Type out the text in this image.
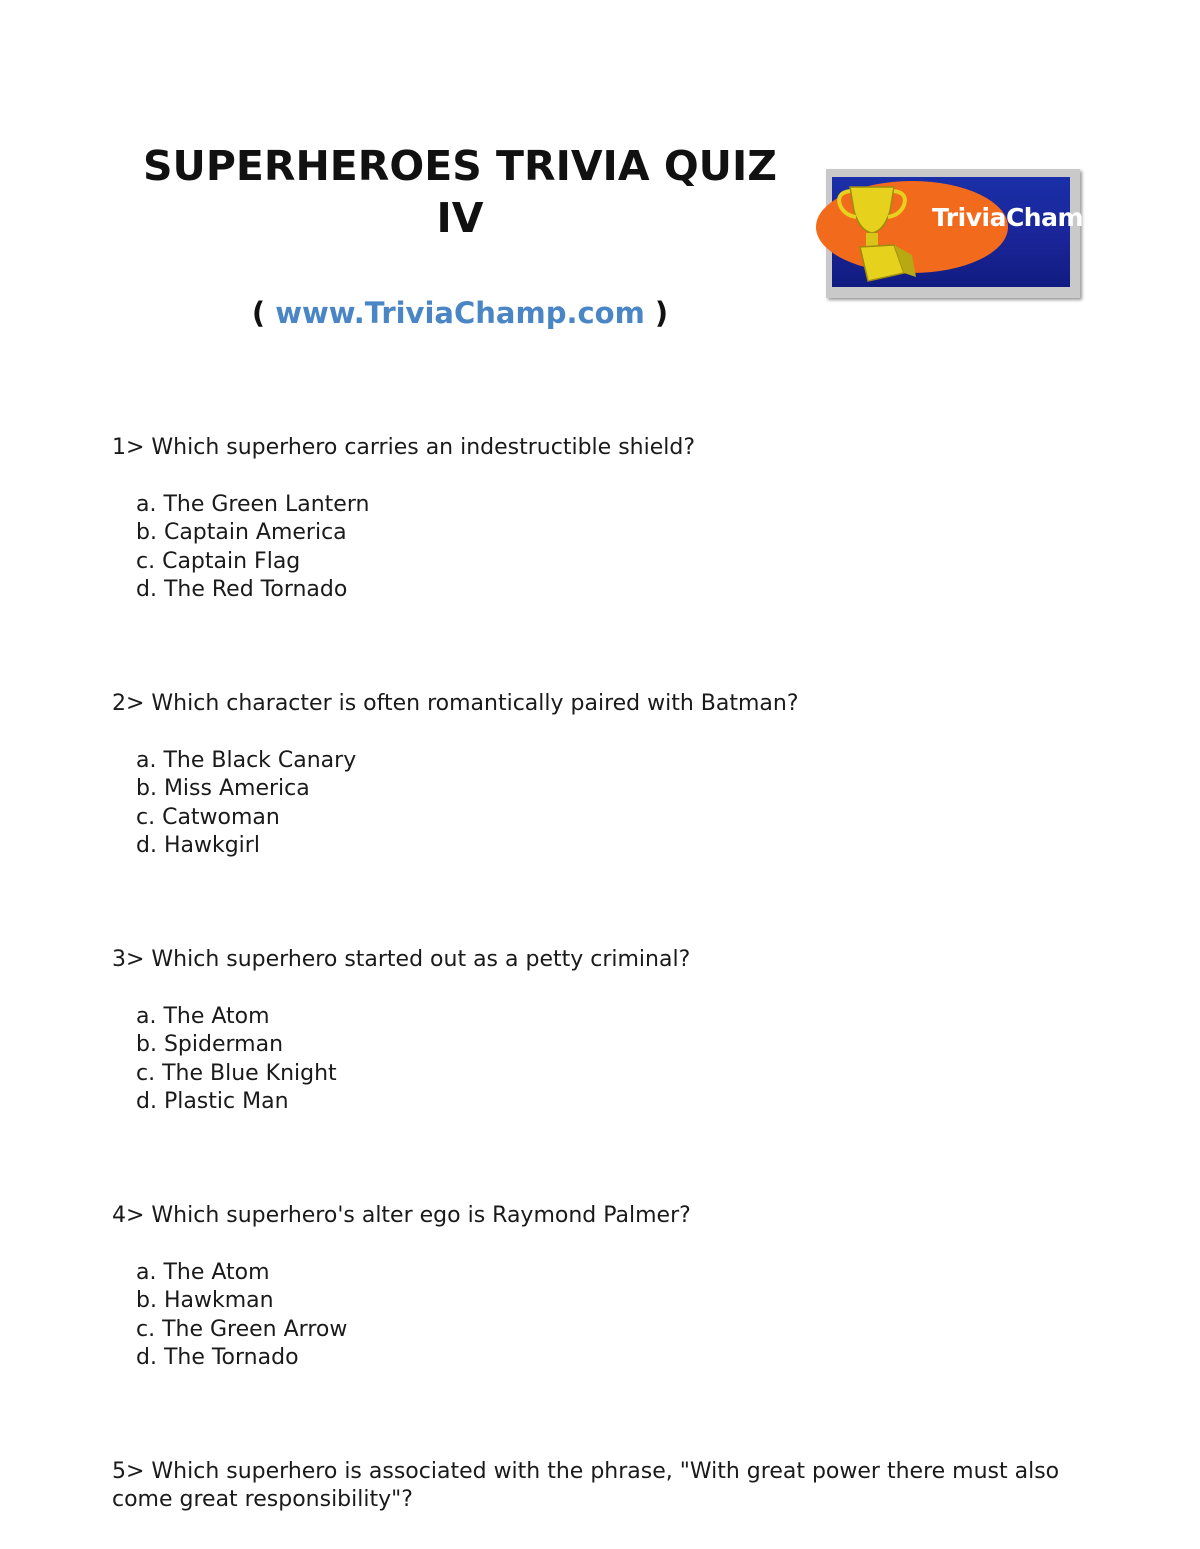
SUPERHEROES TRIVIA QUIZ
IV
( www.TriviaChamp.com )
TriviaChamp

1> Which superhero carries an indestructible shield?

a. The Green Lantern
b. Captain America
c. Captain Flag
d. The Red Tornado

2> Which character is often romantically paired with Batman?

a. The Black Canary
b. Miss America
c. Catwoman
d. Hawkgirl

3> Which superhero started out as a petty criminal?

a. The Atom
b. Spiderman
c. The Blue Knight
d. Plastic Man

4> Which superhero's alter ego is Raymond Palmer?

a. The Atom
b. Hawkman
c. The Green Arrow
d. The Tornado

5> Which superhero is associated with the phrase, "With great power there must also come great responsibility"?
